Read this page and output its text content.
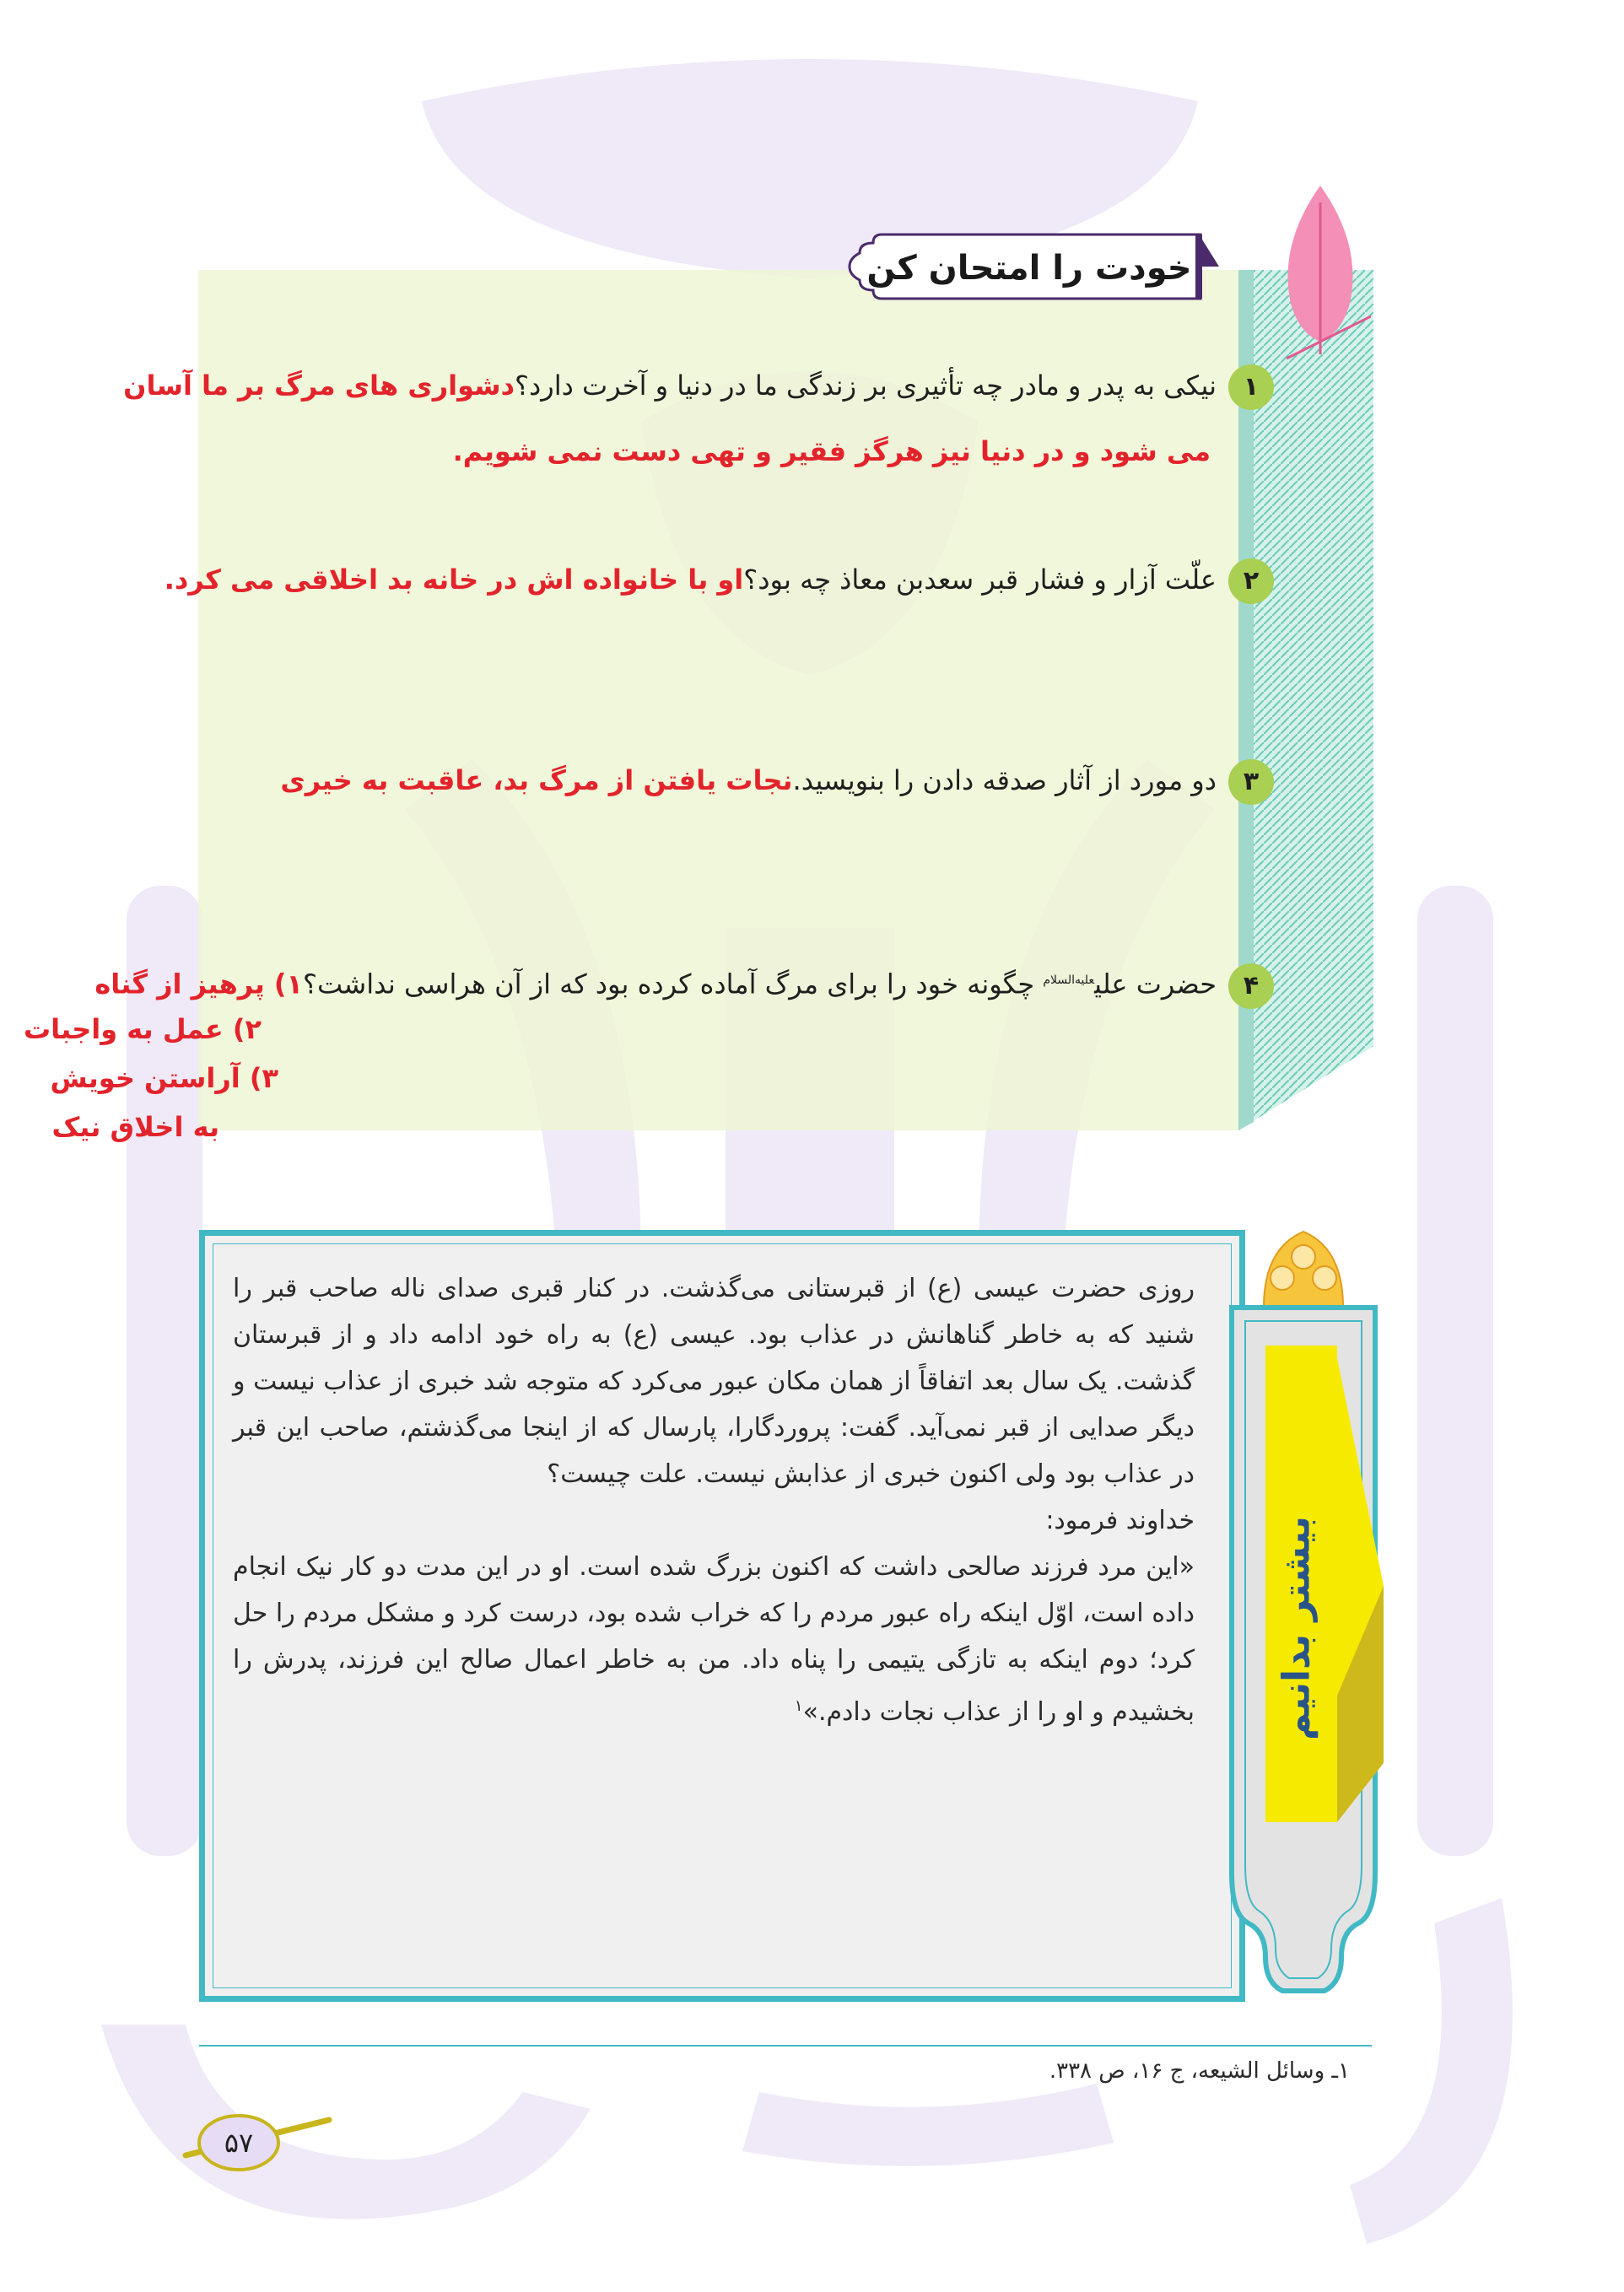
خودت را امتحان کن
۱نیکی به پدر و مادر چه تأثیری بر زندگی ما در دنیا و آخرت دارد؟دشواری های مرگ بر ما آسان
می شود و در دنیا نیز هرگز فقیر و تهی دست نمی شویم.
۲علّت آزار و فشار قبر سعدبن معاذ چه بود؟او با خانواده اش در خانه بد اخلاقی می کرد.
۳دو مورد از آثار صدقه دادن را بنویسید.نجات یافتن از مرگ بد، عاقبت به خیری
۴حضرت علی$^{عليه‌السلام}$ چگونه خود را برای مرگ آماده کرده بود که از آن هراسی نداشت؟۱) پرهیز از گناه
۲) عمل به واجبات
۳) آراستن خویش
به اخلاق نیک

روزی حضرت عیسی (ع) از قبرستانی می‌گذشت. در کنار قبری صدای ناله صاحب قبر را شنید که به خاطر گناهانش در عذاب بود. عیسی (ع) به راه خود ادامه داد و از قبرستان گذشت. یک سال بعد اتفاقاً از همان مکان عبور می‌کرد که متوجه شد خبری از عذاب نیست و دیگر صدایی از قبر نمی‌آید. گفت: پروردگارا، پارسال که از اینجا می‌گذشتم، صاحب این قبر در عذاب بود ولی اکنون خبری از عذابش نیست. علت چیست؟

خداوند فرمود:

«این مرد فرزند صالحی داشت که اکنون بزرگ شده است. او در این مدت دو کار نیک انجام داده است، اوّل اینکه راه عبور مردم را که خراب شده بود، درست کرد و مشکل مردم را حل کرد؛ دوم اینکه به تازگی یتیمی را پناه داد. من به خاطر اعمال صالح این فرزند، پدرش را بخشیدم و او را از عذاب نجات دادم.»$^۱$	بیشتر بدانیم
۱ـ وسائل الشیعه، ج ۱۶، ص ۳۳۸.
۵۷
